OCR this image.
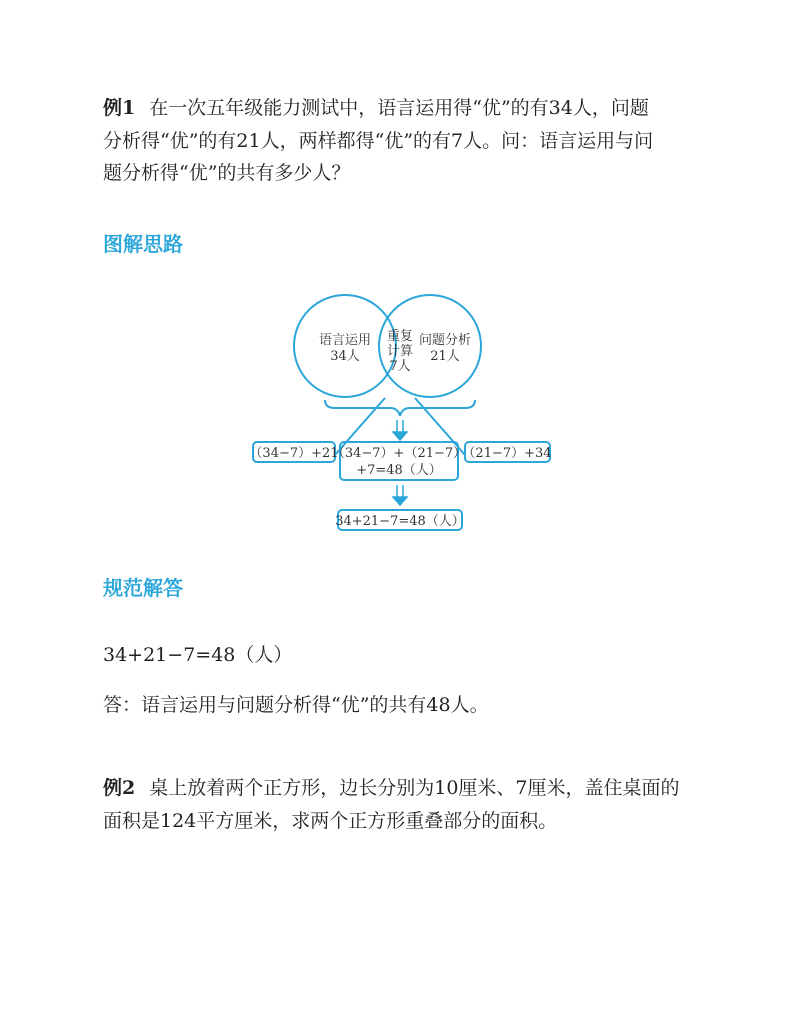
例1 在一次五年级能力测试中，语言运用得“优”的有34人，问题

分析得“优”的有21人，两样都得“优”的有7人。问：语言运用与问

题分析得“优”的共有多少人？

图解思路
语言运用
34人
重复
计算
7人
问题分析
21人
（34−7）+21
（34−7）+（21−7）
+7=48（人）
（21−7）+34
34+21−7=48（人）
规范解答

34+21−7=48（人）

答：语言运用与问题分析得“优”的共有48人。

例2 桌上放着两个正方形，边长分别为10厘米、7厘米，盖住桌面的

面积是124平方厘米，求两个正方形重叠部分的面积。
